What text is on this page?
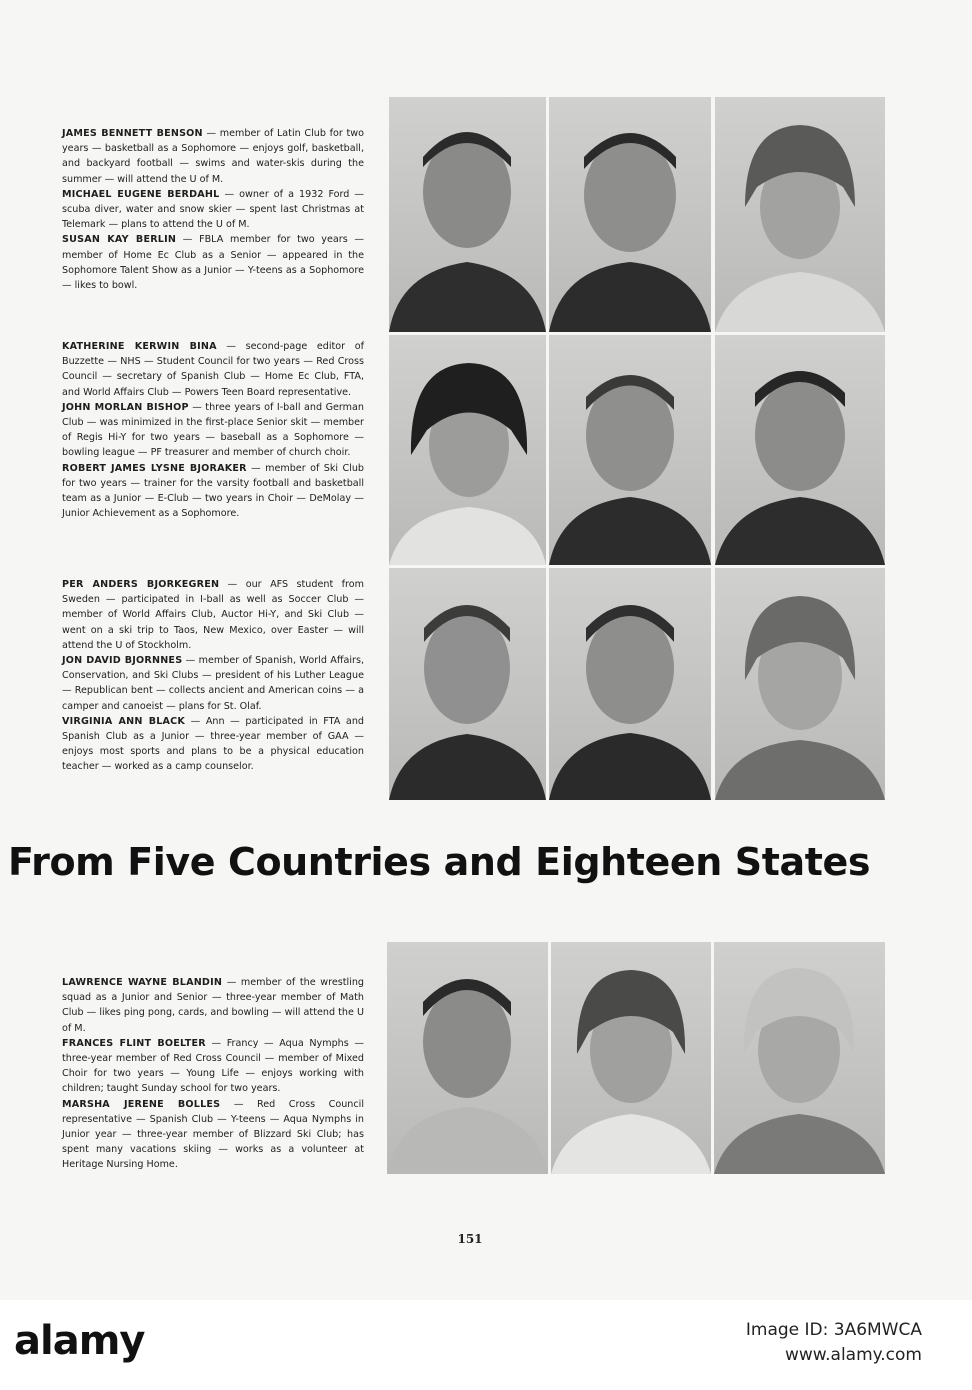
JAMES BENNETT BENSON — member of Latin Club for two years — basketball as a Sophomore — enjoys golf, basketball, and backyard football — swims and water-skis during the summer — will attend the U of M.

MICHAEL EUGENE BERDAHL — owner of a 1932 Ford — scuba diver, water and snow skier — spent last Christmas at Telemark — plans to attend the U of M.

SUSAN KAY BERLIN — FBLA member for two years — member of Home Ec Club as a Senior — appeared in the Sophomore Talent Show as a Junior — Y-teens as a Sophomore — likes to bowl.

KATHERINE KERWIN BINA — second-page editor of Buzzette — NHS — Student Council for two years — Red Cross Council — secretary of Spanish Club — Home Ec Club, FTA, and World Affairs Club — Powers Teen Board representative.

JOHN MORLAN BISHOP — three years of I-ball and German Club — was minimized in the first-place Senior skit — member of Regis Hi-Y for two years — baseball as a Sophomore — bowling league — PF treasurer and member of church choir.

ROBERT JAMES LYSNE BJORAKER — member of Ski Club for two years — trainer for the varsity football and basketball team as a Junior — E-Club — two years in Choir — DeMolay — Junior Achievement as a Sophomore.

PER ANDERS BJORKEGREN — our AFS student from Sweden — participated in I-ball as well as Soccer Club — member of World Affairs Club, Auctor Hi-Y, and Ski Club — went on a ski trip to Taos, New Mexico, over Easter — will attend the U of Stockholm.

JON DAVID BJORNNES — member of Spanish, World Affairs, Conservation, and Ski Clubs — president of his Luther League — Republican bent — collects ancient and American coins — a camper and canoeist — plans for St. Olaf.

VIRGINIA ANN BLACK — Ann — participated in FTA and Spanish Club as a Junior — three-year member of GAA — enjoys most sports and plans to be a physical education teacher — worked as a camp counselor.

From Five Countries and Eighteen States

LAWRENCE WAYNE BLANDIN — member of the wrestling squad as a Junior and Senior — three-year member of Math Club — likes ping pong, cards, and bowling — will attend the U of M.

FRANCES FLINT BOELTER — Francy — Aqua Nymphs — three-year member of Red Cross Council — member of Mixed Choir for two years — Young Life — enjoys working with children; taught Sunday school for two years.

MARSHA JERENE BOLLES — Red Cross Council representative — Spanish Club — Y-teens — Aqua Nymphs in Junior year — three-year member of Blizzard Ski Club; has spent many vacations skiing — works as a volunteer at Heritage Nursing Home.

151
alamy	Image ID: 3A6MWCA
www.alamy.com
